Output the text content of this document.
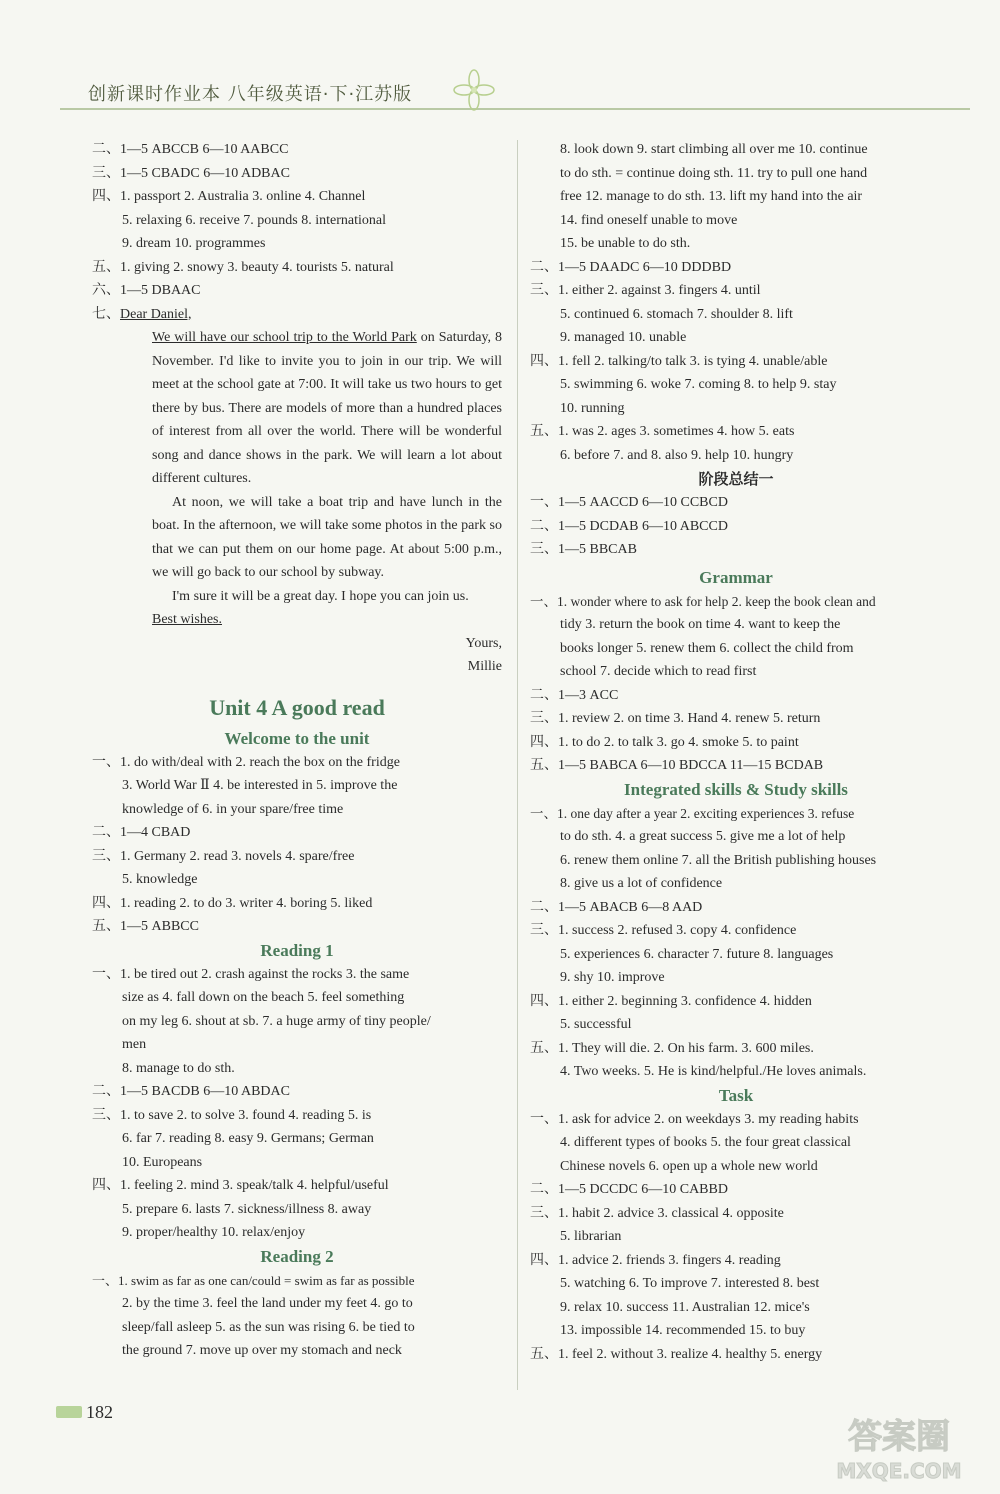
创新课时作业本 八年级英语·下·江苏版
二、1—5 ABCCB 6—10 AABCC
三、1—5 CBADC 6—10 ADBAC
四、1. passport 2. Australia 3. online 4. Channel
5. relaxing 6. receive 7. pounds 8. international
9. dream 10. programmes
五、1. giving 2. snowy 3. beauty 4. tourists 5. natural
六、1—5 DBAAC
七、Dear Daniel,
We will have our school trip to the World Park on Saturday, 8 November. I'd like to invite you to join in our trip. We will meet at the school gate at 7:00. It will take us two hours to get there by bus. There are models of more than a hundred places of interest from all over the world. There will be wonderful song and dance shows in the park. We will learn a lot about different cultures.
At noon, we will take a boat trip and have lunch in the boat. In the afternoon, we will take some photos in the park so that we can put them on our home page. At about 5:00 p.m., we will go back to our school by subway.
I'm sure it will be a great day. I hope you can join us.
Best wishes.
Yours,
Millie
Unit 4 A good read
Welcome to the unit
一、1. do with/deal with 2. reach the box on the fridge
3. World War Ⅱ 4. be interested in 5. improve the
knowledge of 6. in your spare/free time
二、1—4 CBAD
三、1. Germany 2. read 3. novels 4. spare/free
5. knowledge
四、1. reading 2. to do 3. writer 4. boring 5. liked
五、1—5 ABBCC
Reading 1
一、1. be tired out 2. crash against the rocks 3. the same
size as 4. fall down on the beach 5. feel something
on my leg 6. shout at sb. 7. a huge army of tiny people/
men
8. manage to do sth.
二、1—5 BACDB 6—10 ABDAC
三、1. to save 2. to solve 3. found 4. reading 5. is
6. far 7. reading 8. easy 9. Germans; German
10. Europeans
四、1. feeling 2. mind 3. speak/talk 4. helpful/useful
5. prepare 6. lasts 7. sickness/illness 8. away
9. proper/healthy 10. relax/enjoy
Reading 2
一、1. swim as far as one can/could = swim as far as possible
2. by the time 3. feel the land under my feet 4. go to
sleep/fall asleep 5. as the sun was rising 6. be tied to
the ground 7. move up over my stomach and neck
8. look down 9. start climbing all over me 10. continue
to do sth. = continue doing sth. 11. try to pull one hand
free 12. manage to do sth. 13. lift my hand into the air
14. find oneself unable to move
15. be unable to do sth.
二、1—5 DAADC 6—10 DDDBD
三、1. either 2. against 3. fingers 4. until
5. continued 6. stomach 7. shoulder 8. lift
9. managed 10. unable
四、1. fell 2. talking/to talk 3. is tying 4. unable/able
5. swimming 6. woke 7. coming 8. to help 9. stay
10. running
五、1. was 2. ages 3. sometimes 4. how 5. eats
6. before 7. and 8. also 9. help 10. hungry
阶段总结一
一、1—5 AACCD 6—10 CCBCD
二、1—5 DCDAB 6—10 ABCCD
三、1—5 BBCAB
Grammar
一、1. wonder where to ask for help 2. keep the book clean and
tidy 3. return the book on time 4. want to keep the
books longer 5. renew them 6. collect the child from
school 7. decide which to read first
二、1—3 ACC
三、1. review 2. on time 3. Hand 4. renew 5. return
四、1. to do 2. to talk 3. go 4. smoke 5. to paint
五、1—5 BABCA 6—10 BDCCA 11—15 BCDAB
Integrated skills & Study skills
一、1. one day after a year 2. exciting experiences 3. refuse
to do sth. 4. a great success 5. give me a lot of help
6. renew them online 7. all the British publishing houses
8. give us a lot of confidence
二、1—5 ABACB 6—8 AAD
三、1. success 2. refused 3. copy 4. confidence
5. experiences 6. character 7. future 8. languages
9. shy 10. improve
四、1. either 2. beginning 3. confidence 4. hidden
5. successful
五、1. They will die. 2. On his farm. 3. 600 miles.
4. Two weeks. 5. He is kind/helpful./He loves animals.
Task
一、1. ask for advice 2. on weekdays 3. my reading habits
4. different types of books 5. the four great classical
Chinese novels 6. open up a whole new world
二、1—5 DCCDC 6—10 CABBD
三、1. habit 2. advice 3. classical 4. opposite
5. librarian
四、1. advice 2. friends 3. fingers 4. reading
5. watching 6. To improve 7. interested 8. best
9. relax 10. success 11. Australian 12. mice's
13. impossible 14. recommended 15. to buy
五、1. feel 2. without 3. realize 4. healthy 5. energy
182
答案圈
MXQE.COM
